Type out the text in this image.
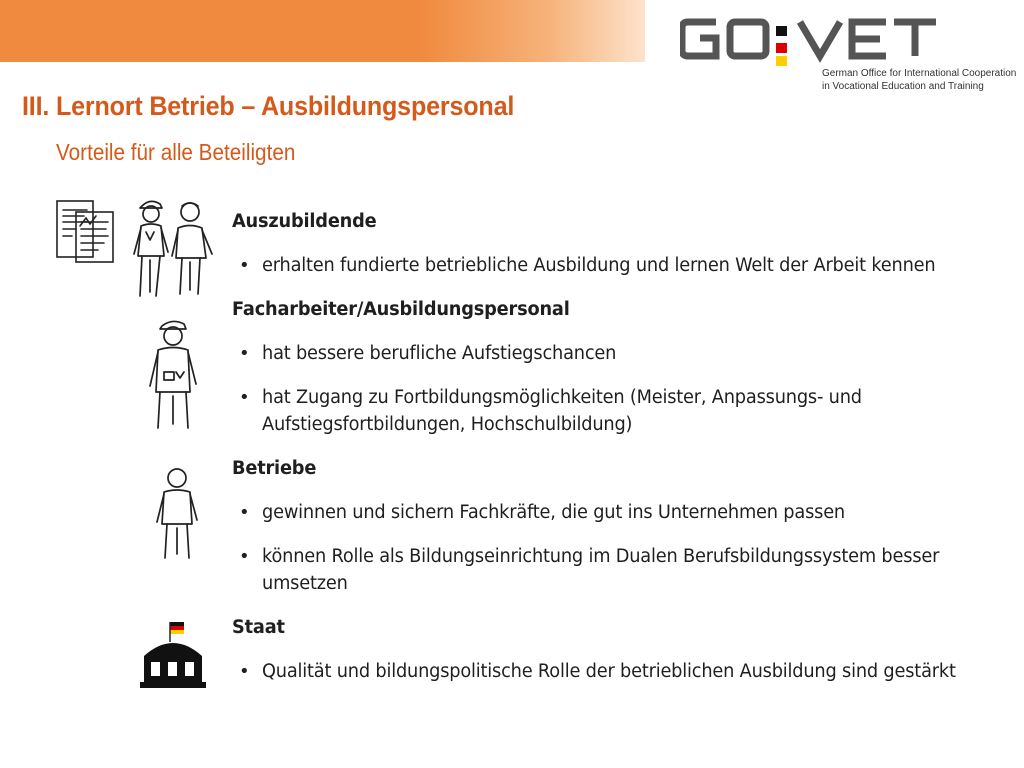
German Office for International Cooperation
in Vocational Education and Training
III. Lernort Betrieb – Ausbildungspersonal
Vorteile für alle Beteiligten
Auszubildende
• erhalten fundierte betriebliche Ausbildung und lernen Welt der Arbeit kennen
Facharbeiter/Ausbildungspersonal
• hat bessere berufliche Aufstiegschancen
• hat Zugang zu Fortbildungsmöglichkeiten (Meister, Anpassungs- und Aufstiegsfortbildungen, Hochschulbildung)
Betriebe
• gewinnen und sichern Fachkräfte, die gut ins Unternehmen passen
• können Rolle als Bildungseinrichtung im Dualen Berufsbildungssystem besser umsetzen
Staat
• Qualität und bildungspolitische Rolle der betrieblichen Ausbildung sind gestärkt
